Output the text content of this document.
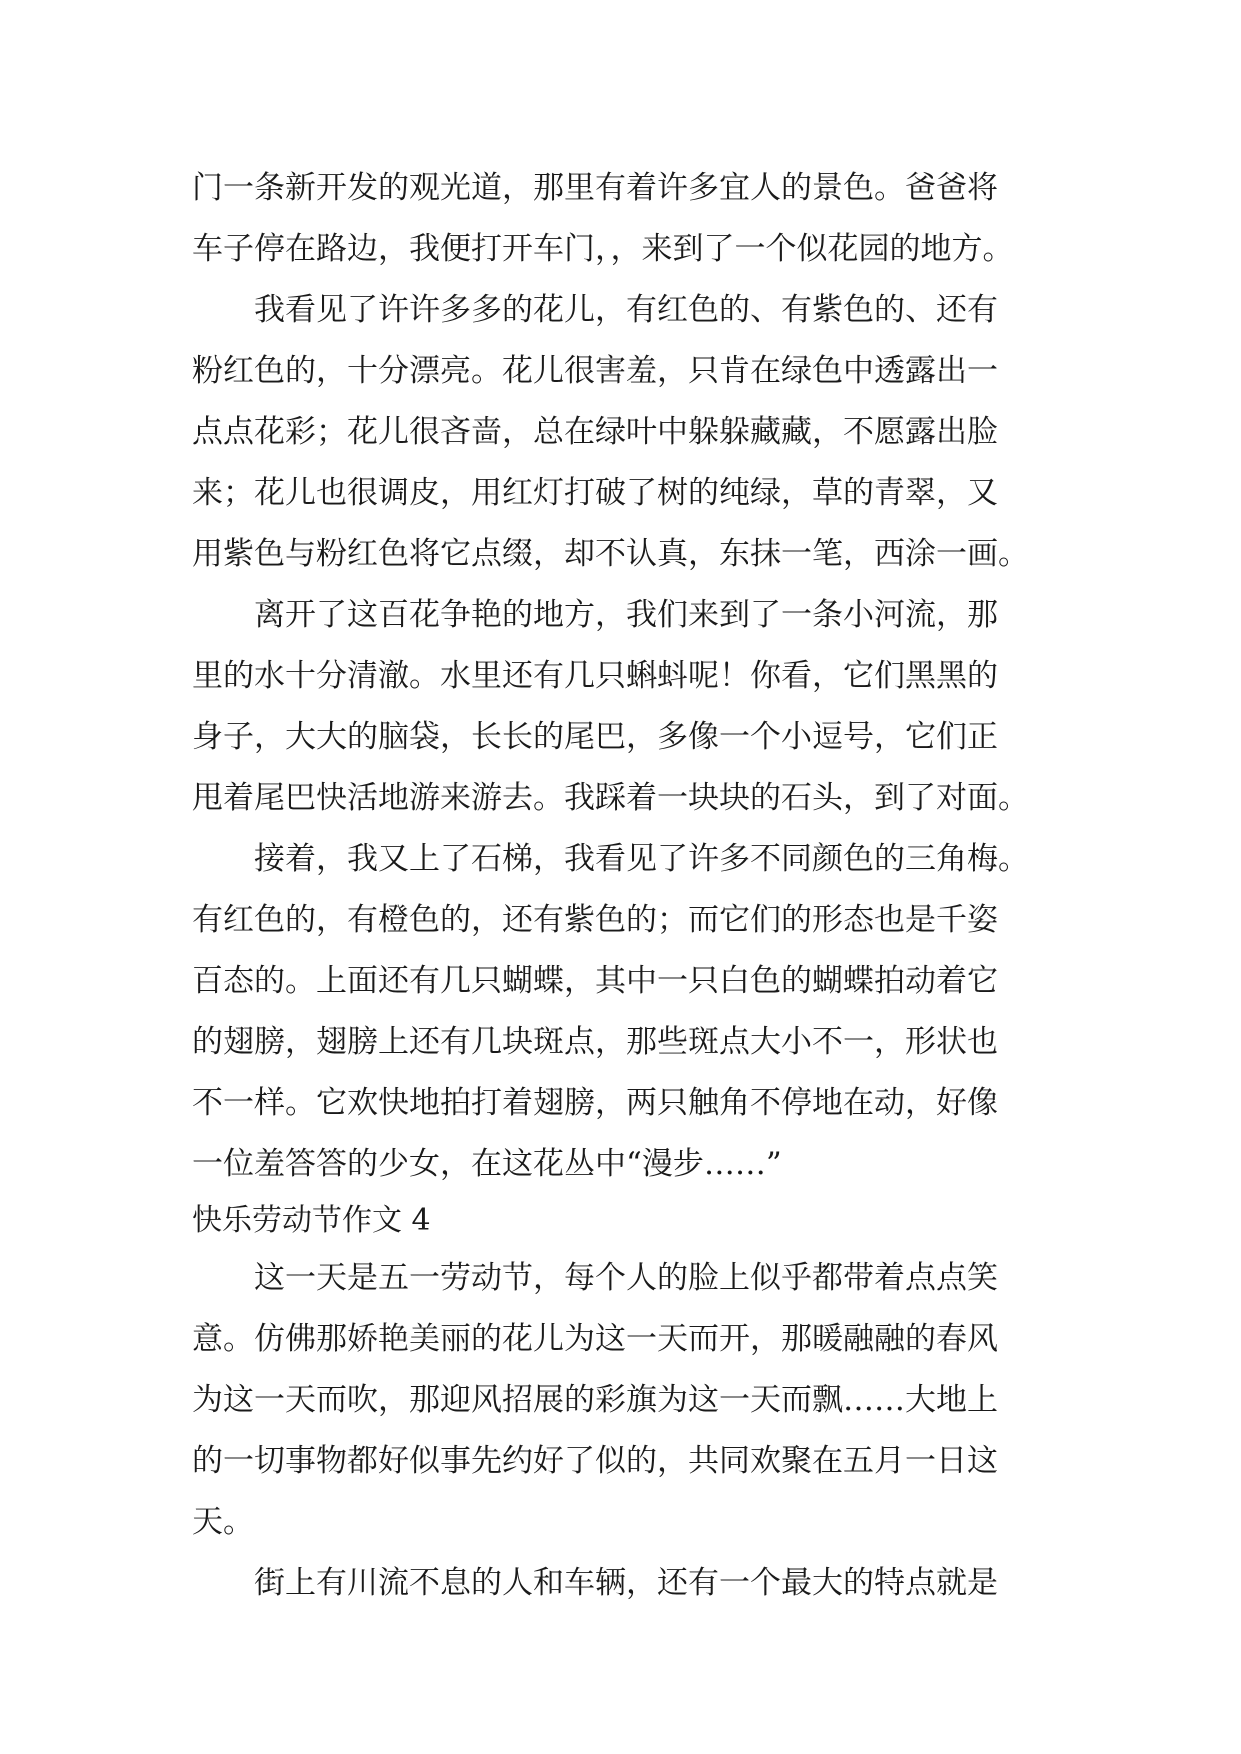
门一条新开发的观光道，那里有着许多宜人的景色。爸爸将
车子停在路边，我便打开车门，，来到了一个似花园的地方。
　　我看见了许许多多的花儿，有红色的、有紫色的、还有
粉红色的，十分漂亮。花儿很害羞，只肯在绿色中透露出一
点点花彩；花儿很吝啬，总在绿叶中躲躲藏藏，不愿露出脸
来；花儿也很调皮，用红灯打破了树的纯绿，草的青翠，又
用紫色与粉红色将它点缀，却不认真，东抹一笔，西涂一画。
　　离开了这百花争艳的地方，我们来到了一条小河流，那
里的水十分清澈。水里还有几只蝌蚪呢！你看，它们黑黑的
身子，大大的脑袋，长长的尾巴，多像一个小逗号，它们正
甩着尾巴快活地游来游去。我踩着一块块的石头，到了对面。
　　接着，我又上了石梯，我看见了许多不同颜色的三角梅。
有红色的，有橙色的，还有紫色的；而它们的形态也是千姿
百态的。上面还有几只蝴蝶，其中一只白色的蝴蝶拍动着它
的翅膀，翅膀上还有几块斑点，那些斑点大小不一，形状也
不一样。它欢快地拍打着翅膀，两只触角不停地在动，好像
一位羞答答的少女，在这花丛中“漫步……”
快乐劳动节作文 4
　　这一天是五一劳动节，每个人的脸上似乎都带着点点笑
意。仿佛那娇艳美丽的花儿为这一天而开，那暖融融的春风
为这一天而吹，那迎风招展的彩旗为这一天而飘……大地上
的一切事物都好似事先约好了似的，共同欢聚在五月一日这
天。
　　街上有川流不息的人和车辆，还有一个最大的特点就是
